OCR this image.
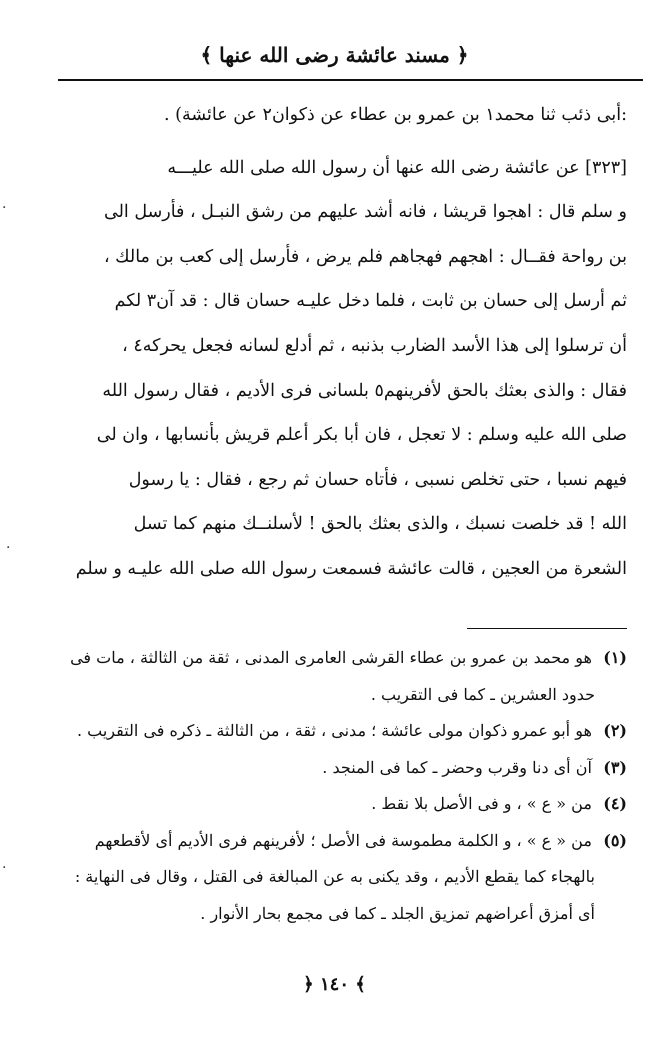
﴿ مسند عائشة رضى الله عنها ﴾
:أبى ذئب ثنا محمد١ بن عمرو بن عطاء عن ذكوان٢ عن عائشة) .
[٣٢٣] عن عائشة رضى الله عنها أن رسول الله صلى الله عليـــه
و سلم قال : اهجوا قريشا ، فانه أشد عليهم من رشق النبـل ، فأرسل الى
بن رواحة فقــال : اهجهم فهجاهم فلم يرض ، فأرسل إلى كعب بن مالك ،
ثم أرسل إلى حسان بن ثابت ، فلما دخل عليـه حسان قال : قد آن٣ لكم
أن ترسلوا إلى هذا الأسد الضارب بذنبه ، ثم أدلع لسانه فجعل يحركه٤ ،
فقال : والذى بعثك بالحق لأفرينهم٥ بلسانى فرى الأديم ، فقال رسول الله
صلى الله عليه وسلم : لا تعجل ، فان أبا بكر أعلم قريش بأنسابها ، وان لى
فيهم نسبا ، حتى تخلص نسبى ، فأتاه حسان ثم رجع ، فقال : يا رسول
الله ! قد خلصت نسبك ، والذى بعثك بالحق ! لأسلنــك منهم كما تسل
الشعرة من العجين ، قالت عائشة فسمعت رسول الله صلى الله عليـه و سلم
(١) هو محمد بن عمرو بن عطاء القرشى العامرى المدنى ، ثقة من الثالثة ، مات فى
حدود العشرين ـ كما فى التقريب .
(٢) هو أبو عمرو ذكوان مولى عائشة ؛ مدنى ، ثقة ، من الثالثة ـ ذكره فى التقريب .
(٣) آن أى دنا وقرب وحضر ـ كما فى المنجد .
(٤) من « ع » ، و فى الأصل بلا نقط .
(٥) من « ع » ، و الكلمة مطموسة فى الأصل ؛ لأفرينهم فرى الأديم أى لأقطعهم
بالهجاء كما يقطع الأديم ، وقد يكنى به عن المبالغة فى القتل ، وقال فى النهاية :
أى أمزق أعراضهم تمزيق الجلد ـ كما فى مجمع بحار الأنوار .
﴿ ١٤٠ ﴾
·
·
·
